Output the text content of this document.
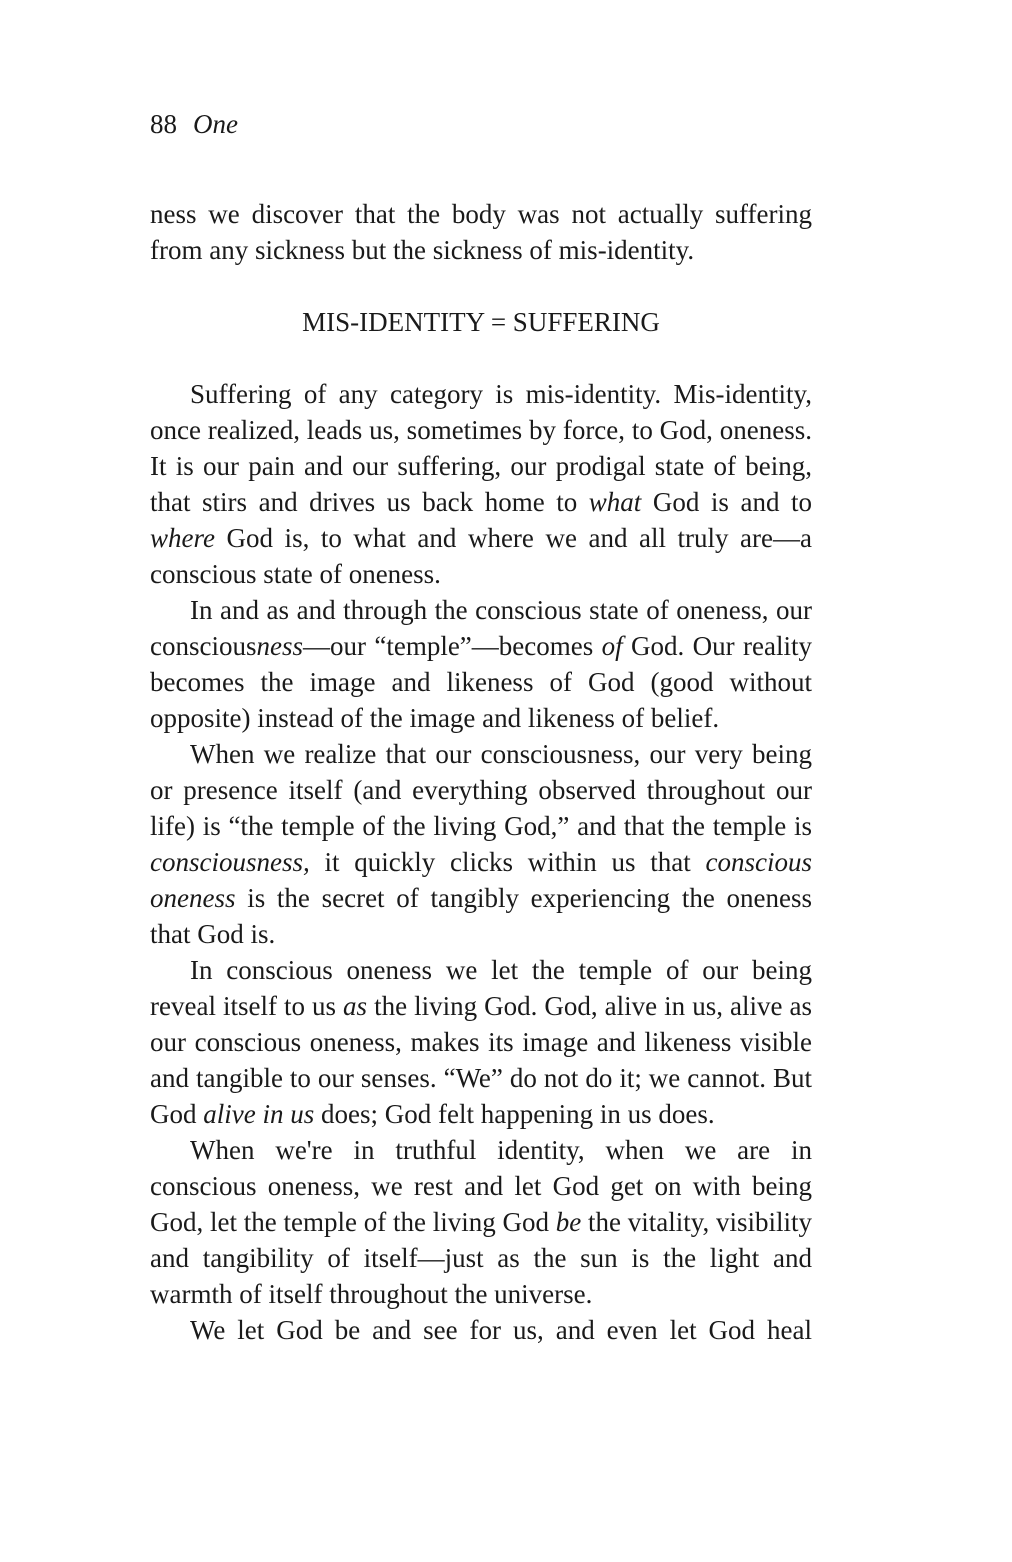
88 One

ness we discover that the body was not actually suffering from any sickness but the sickness of mis-identity.

MIS-IDENTITY = SUFFERING

Suffering of any category is mis-identity. Mis-identity, once realized, leads us, sometimes by force, to God, oneness. It is our pain and our suffering, our prodigal state of being, that stirs and drives us back home to what God is and to where God is, to what and where we and all truly are—a conscious state of oneness.

In and as and through the conscious state of oneness, our consciousness—our “temple”—becomes of God. Our reality becomes the image and likeness of God (good without opposite) instead of the image and likeness of belief.

When we realize that our consciousness, our very being or presence itself (and everything observed throughout our life) is “the temple of the living God,” and that the temple is consciousness, it quickly clicks within us that conscious oneness is the secret of tangibly experiencing the oneness that God is.

In conscious oneness we let the temple of our being reveal itself to us as the living God. God, alive in us, alive as our conscious oneness, makes its image and likeness visible and tangible to our senses. “We” do not do it; we cannot. But God alive in us does; God felt happening in us does.

When we're in truthful identity, when we are in conscious oneness, we rest and let God get on with being God, let the temple of the living God be the vitality, visibility and tangibility of itself—just as the sun is the light and warmth of itself throughout the universe.

We let God be and see for us, and even let God heal
